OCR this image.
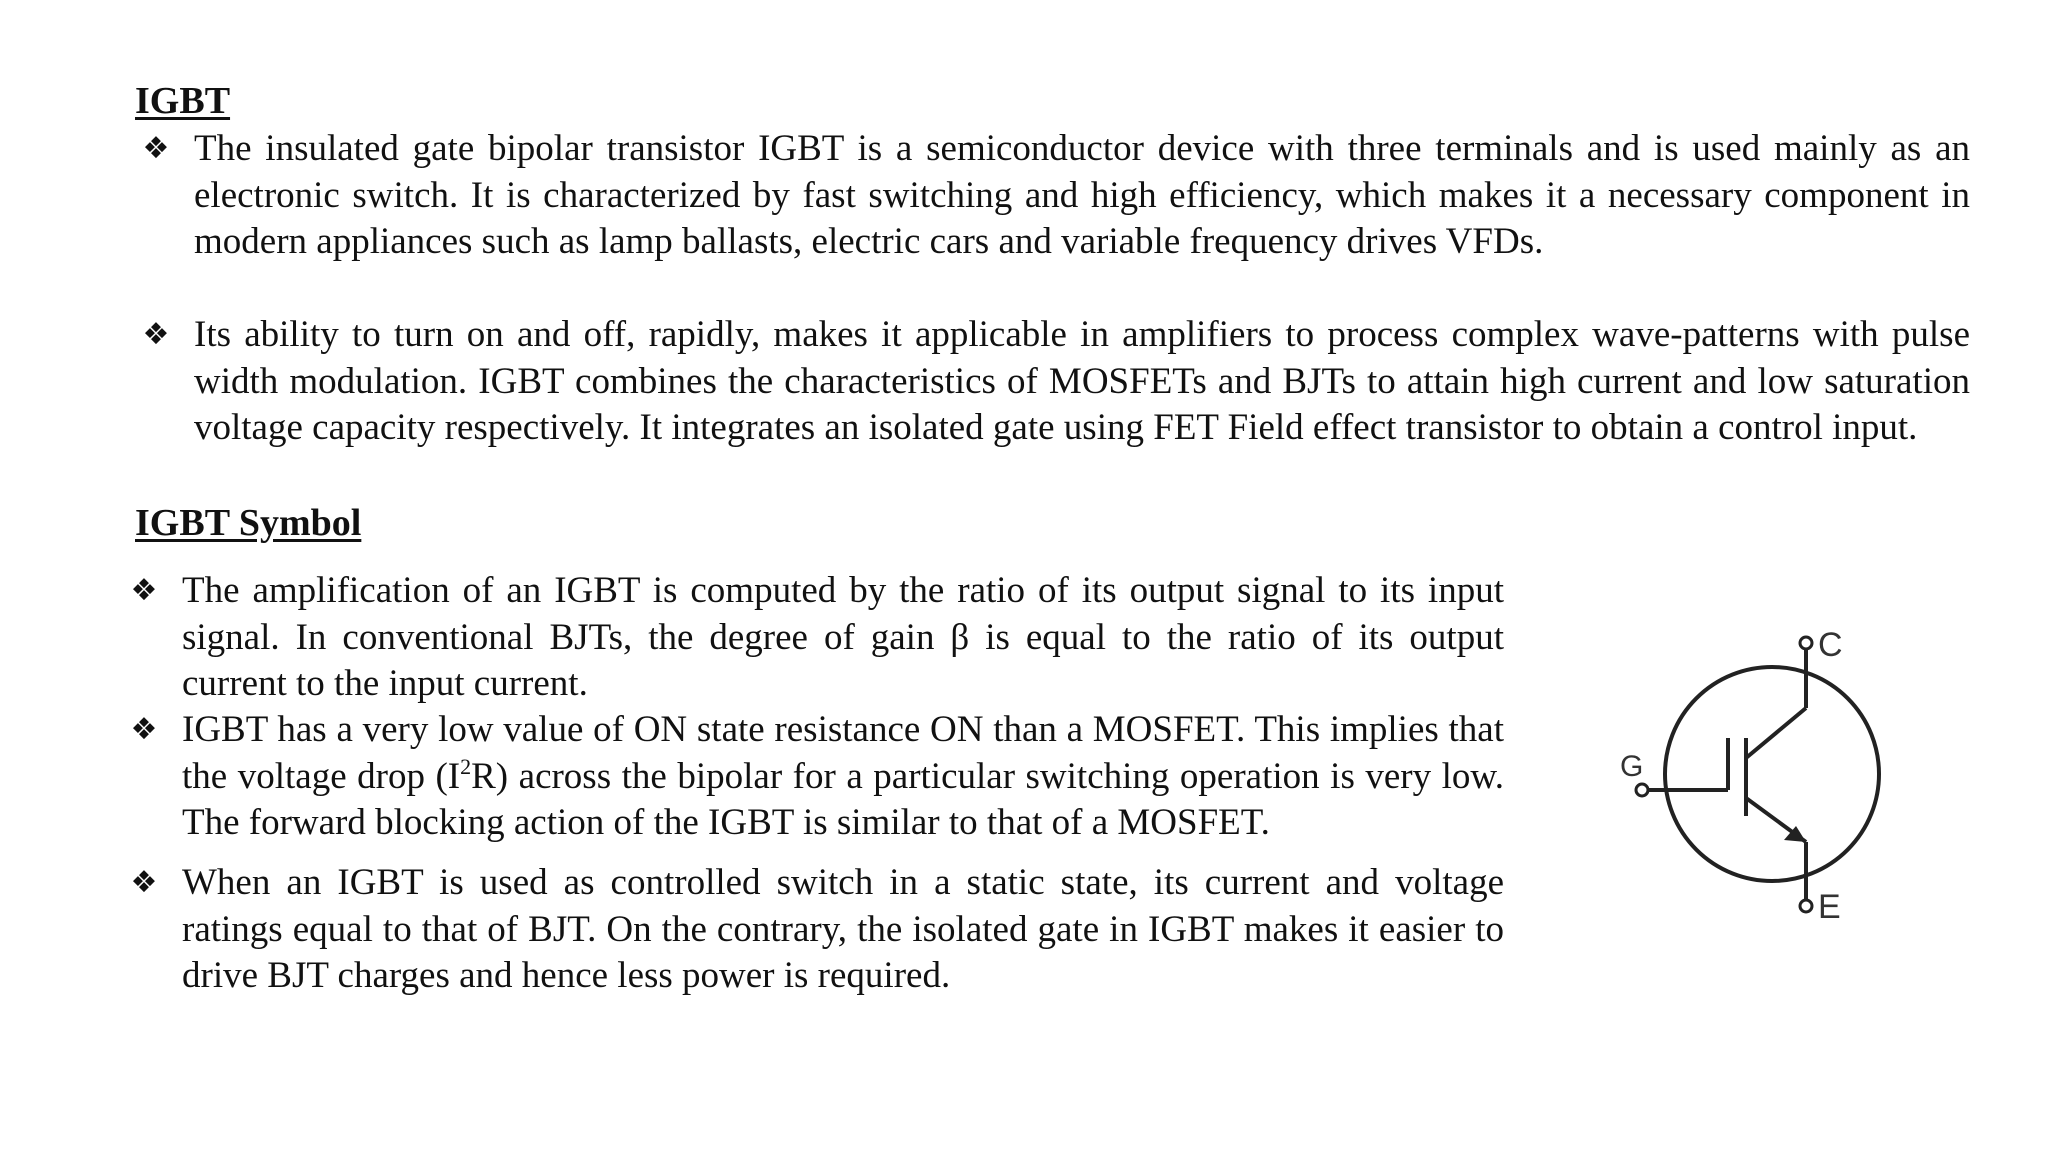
IGBT
❖ The insulated gate bipolar transistor IGBT is a semiconductor device with three terminals and is used mainly as an electronic switch. It is characterized by fast switching and high efficiency, which makes it a necessary component in modern appliances such as lamp ballasts, electric cars and variable frequency drives VFDs.
❖ Its ability to turn on and off, rapidly, makes it applicable in amplifiers to process complex wave-patterns with pulse width modulation. IGBT combines the characteristics of MOSFETs and BJTs to attain high current and low saturation voltage capacity respectively. It integrates an isolated gate using FET Field effect transistor to obtain a control input.
IGBT Symbol
❖ The amplification of an IGBT is computed by the ratio of its output signal to its input signal. In conventional BJTs, the degree of gain β is equal to the ratio of its output current to the input current.
❖ IGBT has a very low value of ON state resistance ON than a MOSFET. This implies that the voltage drop $(I^2R)$ across the bipolar for a particular switching operation is very low. The forward blocking action of the IGBT is similar to that of a MOSFET.
❖ When an IGBT is used as controlled switch in a static state, its current and voltage ratings equal to that of BJT. On the contrary, the isolated gate in IGBT makes it easier to drive BJT charges and hence less power is required.
C
G
E
